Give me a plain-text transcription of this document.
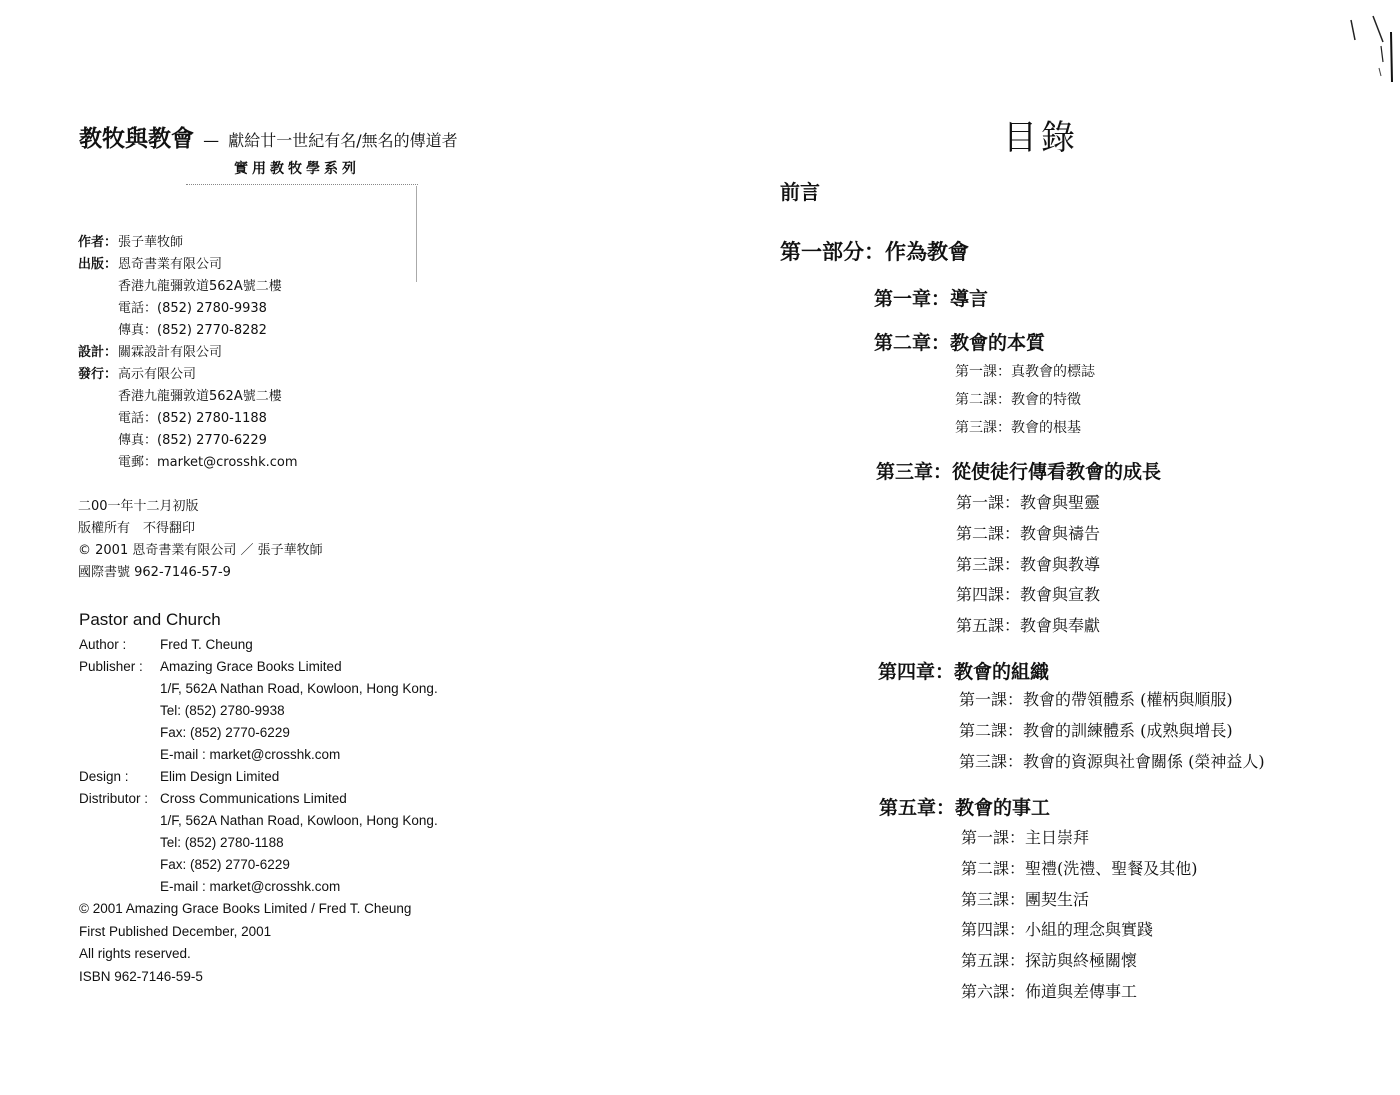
教牧與教會 — 獻給廿一世紀有名/無名的傳道者
實用教牧學系列
作者：張子華牧師
出版：恩奇書業有限公司
香港九龍彌敦道562A號二樓
電話：(852) 2780-9938
傳真：(852) 2770-8282
設計：關霖設計有限公司
發行：高示有限公司
香港九龍彌敦道562A號二樓
電話：(852) 2780-1188
傳真：(852) 2770-6229
電郵：market@crosshk.com
二00一年十二月初版
版權所有　不得翻印
© 2001 恩奇書業有限公司 ／ 張子華牧師
國際書號 962-7146-57-9
Pastor and Church
Author : Fred T. Cheung
Publisher : Amazing Grace Books Limited
1/F, 562A Nathan Road, Kowloon, Hong Kong.
Tel: (852) 2780-9938
Fax: (852) 2770-6229
E-mail : market@crosshk.com
Design : Elim Design Limited
Distributor : Cross Communications Limited
1/F, 562A Nathan Road, Kowloon, Hong Kong.
Tel: (852) 2780-1188
Fax: (852) 2770-6229
E-mail : market@crosshk.com
© 2001 Amazing Grace Books Limited / Fred T. Cheung
First Published December, 2001
All rights reserved.
ISBN 962-7146-59-5
目錄
前言
第一部分：作為教會
第一章：導言
第二章：教會的本質
第一課：真教會的標誌
第二課：教會的特徵
第三課：教會的根基
第三章：從使徒行傳看教會的成長
第一課：教會與聖靈
第二課：教會與禱告
第三課：教會與教導
第四課：教會與宣教
第五課：教會與奉獻
第四章：教會的組織
第一課：教會的帶領體系 (權柄與順服)
第二課：教會的訓練體系 (成熟與增長)
第三課：教會的資源與社會關係 (榮神益人)
第五章：教會的事工
第一課：主日崇拜
第二課：聖禮(洗禮、聖餐及其他)
第三課：團契生活
第四課：小組的理念與實踐
第五課：探訪與終極關懷
第六課：佈道與差傳事工
